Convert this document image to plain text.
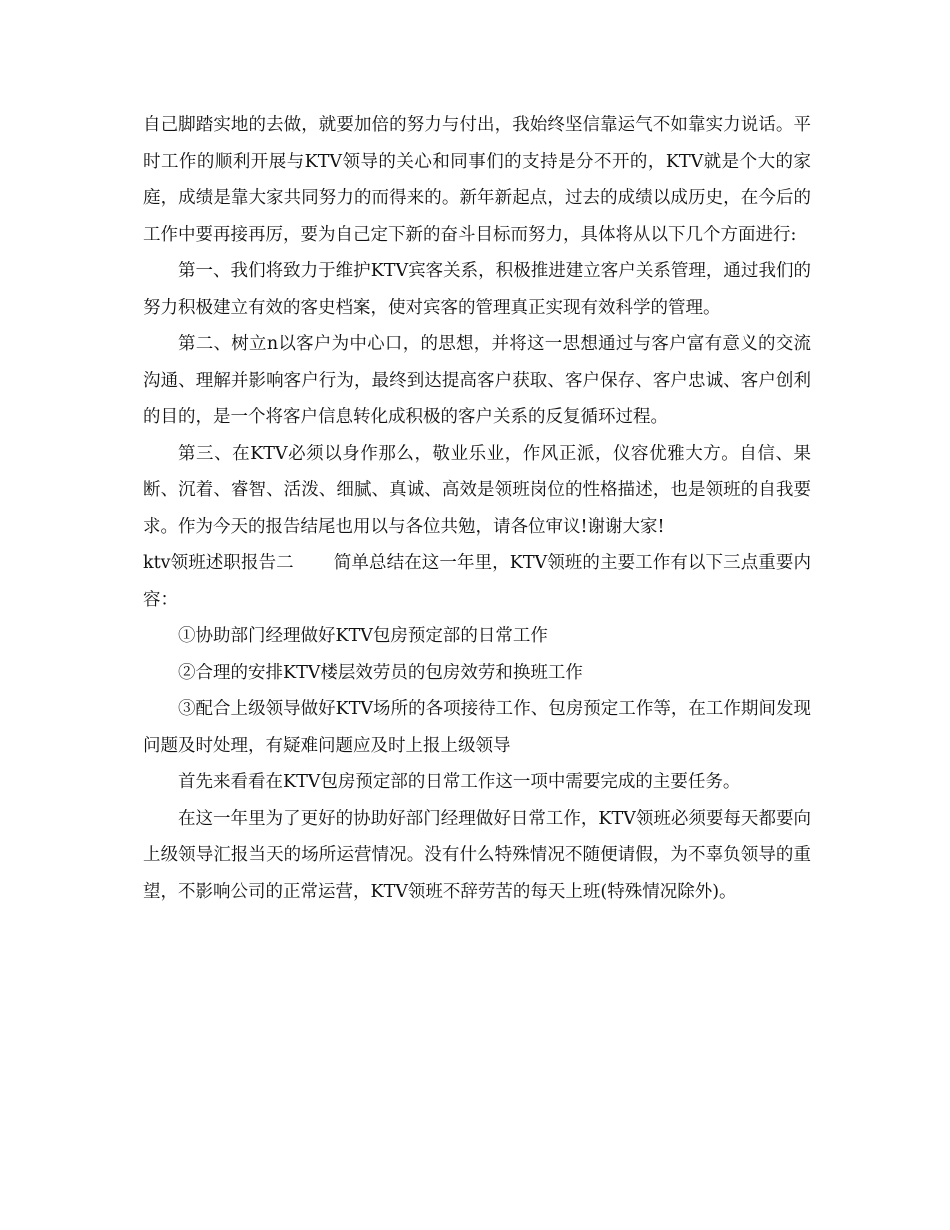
自己脚踏实地的去做，就要加倍的努力与付出，我始终坚信靠运气不如靠实力说话。平时工作的顺利开展与KTV领导的关心和同事们的支持是分不开的，KTV就是个大的家庭，成绩是靠大家共同努力的而得来的。新年新起点，过去的成绩以成历史，在今后的工作中要再接再厉，要为自己定下新的奋斗目标而努力，具体将从以下几个方面进行:

第一、我们将致力于维护KTV宾客关系，积极推进建立客户关系管理，通过我们的努力积极建立有效的客史档案，使对宾客的管理真正实现有效科学的管理。

第二、树立n以客户为中心口，的思想，并将这一思想通过与客户富有意义的交流沟通、理解并影响客户行为，最终到达提高客户获取、客户保存、客户忠诚、客户创利的目的，是一个将客户信息转化成积极的客户关系的反复循环过程。

第三、在KTV必须以身作那么，敬业乐业，作风正派，仪容优雅大方。自信、果断、沉着、睿智、活泼、细腻、真诚、高效是领班岗位的性格描述，也是领班的自我要求。作为今天的报告结尾也用以与各位共勉，请各位审议!谢谢大家!

ktv领班述职报告二 简单总结在这一年里，KTV领班的主要工作有以下三点重要内容：

①协助部门经理做好KTV包房预定部的日常工作

②合理的安排KTV楼层效劳员的包房效劳和换班工作

③配合上级领导做好KTV场所的各项接待工作、包房预定工作等，在工作期间发现问题及时处理，有疑难问题应及时上报上级领导

首先来看看在KTV包房预定部的日常工作这一项中需要完成的主要任务。

在这一年里为了更好的协助好部门经理做好日常工作，KTV领班必须要每天都要向上级领导汇报当天的场所运营情况。没有什么特殊情况不随便请假，为不辜负领导的重望，不影响公司的正常运营，KTV领班不辞劳苦的每天上班(特殊情况除外)。
